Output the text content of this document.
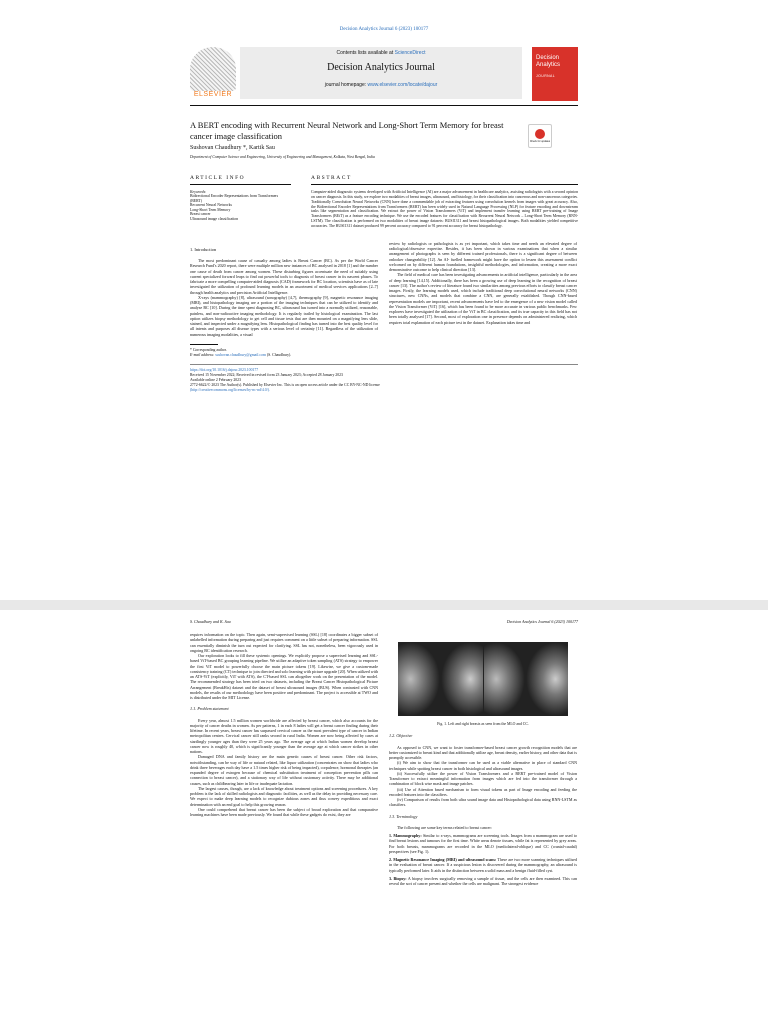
Decision Analytics Journal 6 (2023) 100177
ELSEVIER
Contents lists available at ScienceDirect
Decision Analytics Journal
journal homepage: www.elsevier.com/locate/dajour
Decision Analytics
JOURNAL
A BERT encoding with Recurrent Neural Network and Long-Short Term Memory for breast cancer image classification
Check for updates
Sushovan Chaudhury *, Kartik Sau
Department of Computer Science and Engineering, University of Engineering and Management, Kolkata, West Bengal, India
ARTICLE INFO
Keywords:
Bidirectional Encoder Representations from Transformers (BERT)
Recurrent Neural Networks
Long-Short Term Memory
Breast cancer
Ultrasound image classification
ABSTRACT
Computer-aided diagnostic systems developed with Artificial Intelligence (AI) are a major advancement in healthcare analytics, assisting radiologists with a second opinion on cancer diagnosis. In this study, we explore two modalities of breast images, ultrasound, and histology, for their classification into cancerous and non-cancerous categories. Traditionally Convolution Neural Networks (CNN) have done a commendable job of extracting features using convolution kernels from images with great accuracy. Also, the Bidirectional Encoder Representations from Transformers (BERT) has been widely used in Natural Language Processing (NLP) for feature encoding and downstream tasks like segmentation and classification. We extract the power of Vision Transformers (ViT) and implement transfer learning using BERT pre-training of Image Transformers (BEiT) as a feature encoding technique. We use the encoded features for classification with Recurrent Neural Network – Long-Short Term Memory (RNN-LSTM). The classification is performed on two modalities of breast image datasets: BUSI1311 and breast histopathological images. Both modalities yielded competitive accuracies. The BUSI1311 dataset produced 99 percent accuracy compared to 91 percent accuracy for breast histopathology.
1. Introduction

The most predominant cause of casualty among ladies is Breast Cancer (BC). As per the World Cancer Research Fund's 2020 report, there were multiple million new instances of BC analysed in 2018 [1] and the number one cause of death from cancer among women. These disturbing figures accentuate the need of suitably using current specialized forward leaps to find out powerful tools to diagnosis of breast cancer in its nascent phases. To fabricate a more compelling computer-aided diagnosis (CAD) framework for BC location, scientists have as of late investigated the utilization of profound learning models in an assortment of medical services applications [2–7] through health analytics and precision Artificial Intelligence.

X-rays (mammography) [8], ultrasound (sonography) [4,7], thermography [9], magnetic resonance imaging (MRI), and histopathology imaging are a portion of the imaging techniques that can be utilized to identify and analyse BC [10]. During the time spent diagnosing BC, ultrasound has turned into a normally utilized, reasonable, painless, and non-radioactive imaging methodology. It is regularly trailed by histological examination. The last option utilizes biopsy methodology to get cell and tissue tests that are then mounted on a magnifying lens slide, stained, and inspected under a magnifying lens. Histopathological finding has turned into the best quality level for all intents and purposes all disease types with a serious level of certainty [11]. Regardless of the utilization of numerous imaging modalities, a visual

* Corresponding author.
E-mail address: sushovan.chaudhury@gmail.com (S. Chaudhury).

review by radiologists or pathologists is as yet important, which takes time and needs an elevated degree of radiological/obsessive expertise. Besides, it has been shown in various examinations that when a similar arrangement of photographs is seen by different trained professionals, there is a significant degree of between onlooker changeability [12]. An AI- fuelled framework might have the option to lessen this assessment conflict welcomed on by different human foundations, insightful methodologies, and information, creating a more exact demonstrative outcome to help clinical direction [13].

The field of medical care has been investigating advancements in artificial intelligence, particularly in the area of deep learning [14,15]. Additionally, there has been a growing use of deep learning in the recognition of breast cancer [13]. The author's review of literature found two similarities among previous efforts to classify breast cancer images. Firstly, the learning models used, which include traditional deep convolutional neural networks (CNN) structures, new CNNs, and models that combine a CNN, are generally established. Though CNN-based representation models are important, recent advancements have led to the emergence of a new vision model called the Vision Transformer (ViT) [16], which has been found to be more accurate in various public benchmarks. Few explorers have investigated the utilization of the ViT in BC classification, and its true capacity in this field has not been totally analysed [17]. Second, most of exploration one in presence depends on administered realizing, which requires total explanation of each picture test in the dataset. Explanation takes time and

https://doi.org/10.1016/j.dajour.2023.100177
Received 15 November 2022; Received in revised form 23 January 2023; Accepted 28 January 2023
Available online 2 February 2023
2772-6622/© 2023 The Author(s). Published by Elsevier Inc. This is an open access article under the CC BY-NC-ND license
(http://creativecommons.org/licenses/by-nc-nd/4.0/).
S. Chaudhury and K. Sau	Decision Analytics Journal 6 (2023) 100177

requires information on the topic. Then again, semi-supervised learning (SSL) [18] coordinates a bigger subset of unlabelled information during preparing and just requires comment on a little subset of preparing information. SSL can essentially diminish the turn out expected for clarifying. SSL has not, nonetheless, been vigorously used in ongoing BC identification research.

Our exploration looks to fill these systemic openings. We explicitly propose a supervised learning and SSL-based ViT-based BC grouping learning pipeline. We utilize an adaptive token sampling (ATS) strategy to empower the first ViT model to powerfully choose the main picture tokens [19]. Likewise, we give a custom-made consistency training (CT) technique to join directed and solo learning with picture upgrade [20]. When utilized with an ATS-ViT (explicitly, ViT with ATS), the CT-based SSL can altogether work on the presentation of the model. The recommended strategy has been tried on two datasets, including the Breast Cancer Histopathological Picture Arrangement (BreakHis) dataset and the dataset of breast ultrasound images (BUS). When contrasted with CNN models, the results of our methodology have been positive and predominant. The project is accessible at TWO and is distributed under the MIT License.

1.1. Problem statement

Every year, almost 1.5 million women worldwide are affected by breast cancer, which also accounts for the majority of cancer deaths in women. As per patterns, 1 in each 8 ladies will get a breast cancer finding during their lifetime. In recent years, breast cancer has surpassed cervical cancer as the most prevalent type of cancer in Indian metropolitan centres. Cervical cancer still ranks second in rural India. Women are now being affected by cases at startlingly younger ages than they were 25 years ago. The average age at which Indian women develop breast cancer now is roughly 40, which is significantly younger than the average age at which cancer strikes in other nations.

Damaged DNA and family history are the main genetic causes of breast cancer. Other risk factors, notwithstanding, can be way of life or natural related, like liquor utilization (concentrates on show that ladies who drink three beverages each day have a 1.5 times higher risk of being impacted), corpulence, hormonal therapies (an expanded degree of estrogen because of chemical substitution treatment of conception prevention pills can connection to breast cancer), and a stationary way of life without customary activity. There may be additional causes, such as childbearing later in life or inadequate lactation.

The largest causes, though, are a lack of knowledge about treatment options and screening procedures. A key problem is the lack of skilled radiologists and diagnostic facilities, as well as the delay in providing necessary care. We expect to make deep learning models to recognize dubious zones and thus convey expeditious and exact determination with an end goal to help this growing reason.

One could comprehend that breast cancer has been the subject of broad exploration and that comparative learning machines have been made previously. We found that while these gadgets do exist, they are

Fig. 1. Left and right breasts as seen from the MLO and CC.
1.2. Objective

As opposed to CNN, we want to foster transformer-based breast cancer growth recognition models that are better customized to breast kind and that additionally utilize age, breast density, earlier history, and other data that is promptly accessible.

(i) We aim to show that the transformer can be used as a viable alternative in place of standard CNN techniques while spotting breast cancer in both histological and ultrasound images.

(ii) Successfully utilize the power of Vision Transformers and a BERT pre-trained model of Vision Transformer to extract meaningful information from images which are fed into the transformer through a combination of block wise mask and image patches.

(iii) Use of Attention based mechanism to form visual tokens as part of Image encoding and feeding the encoded features into the classifiers.

(iv) Comparison of results from both ultra sound image data and Histopathological data using RNN-LSTM as classifiers.

1.3. Terminology

The following are some key terms related to breast cancer:

1. Mammography: Similar to x-rays, mammograms are screening tools. Images from a mammogram are used to find breast lesions and tumours for the first time. White areas denote tissues, while fat is represented by grey areas. For both breasts, mammograms are recorded in the MLO (mediolateral-oblique) and CC (cranial-caudal) perspectives (see Fig. 1).

2. Magnetic Resonance Imaging (MRI) and ultrasound scans: These are two more scanning techniques utilised in the evaluation of breast cancer. If a suspicious lesion is discovered during the mammography, an ultrasound is typically performed later. It aids in the distinction between a solid mass and a benign fluid-filled cyst.

3. Biopsy: A biopsy involves surgically removing a sample of tissue, and the cells are then examined. This can reveal the sort of cancer present and whether the cells are malignant. The strongest evidence
